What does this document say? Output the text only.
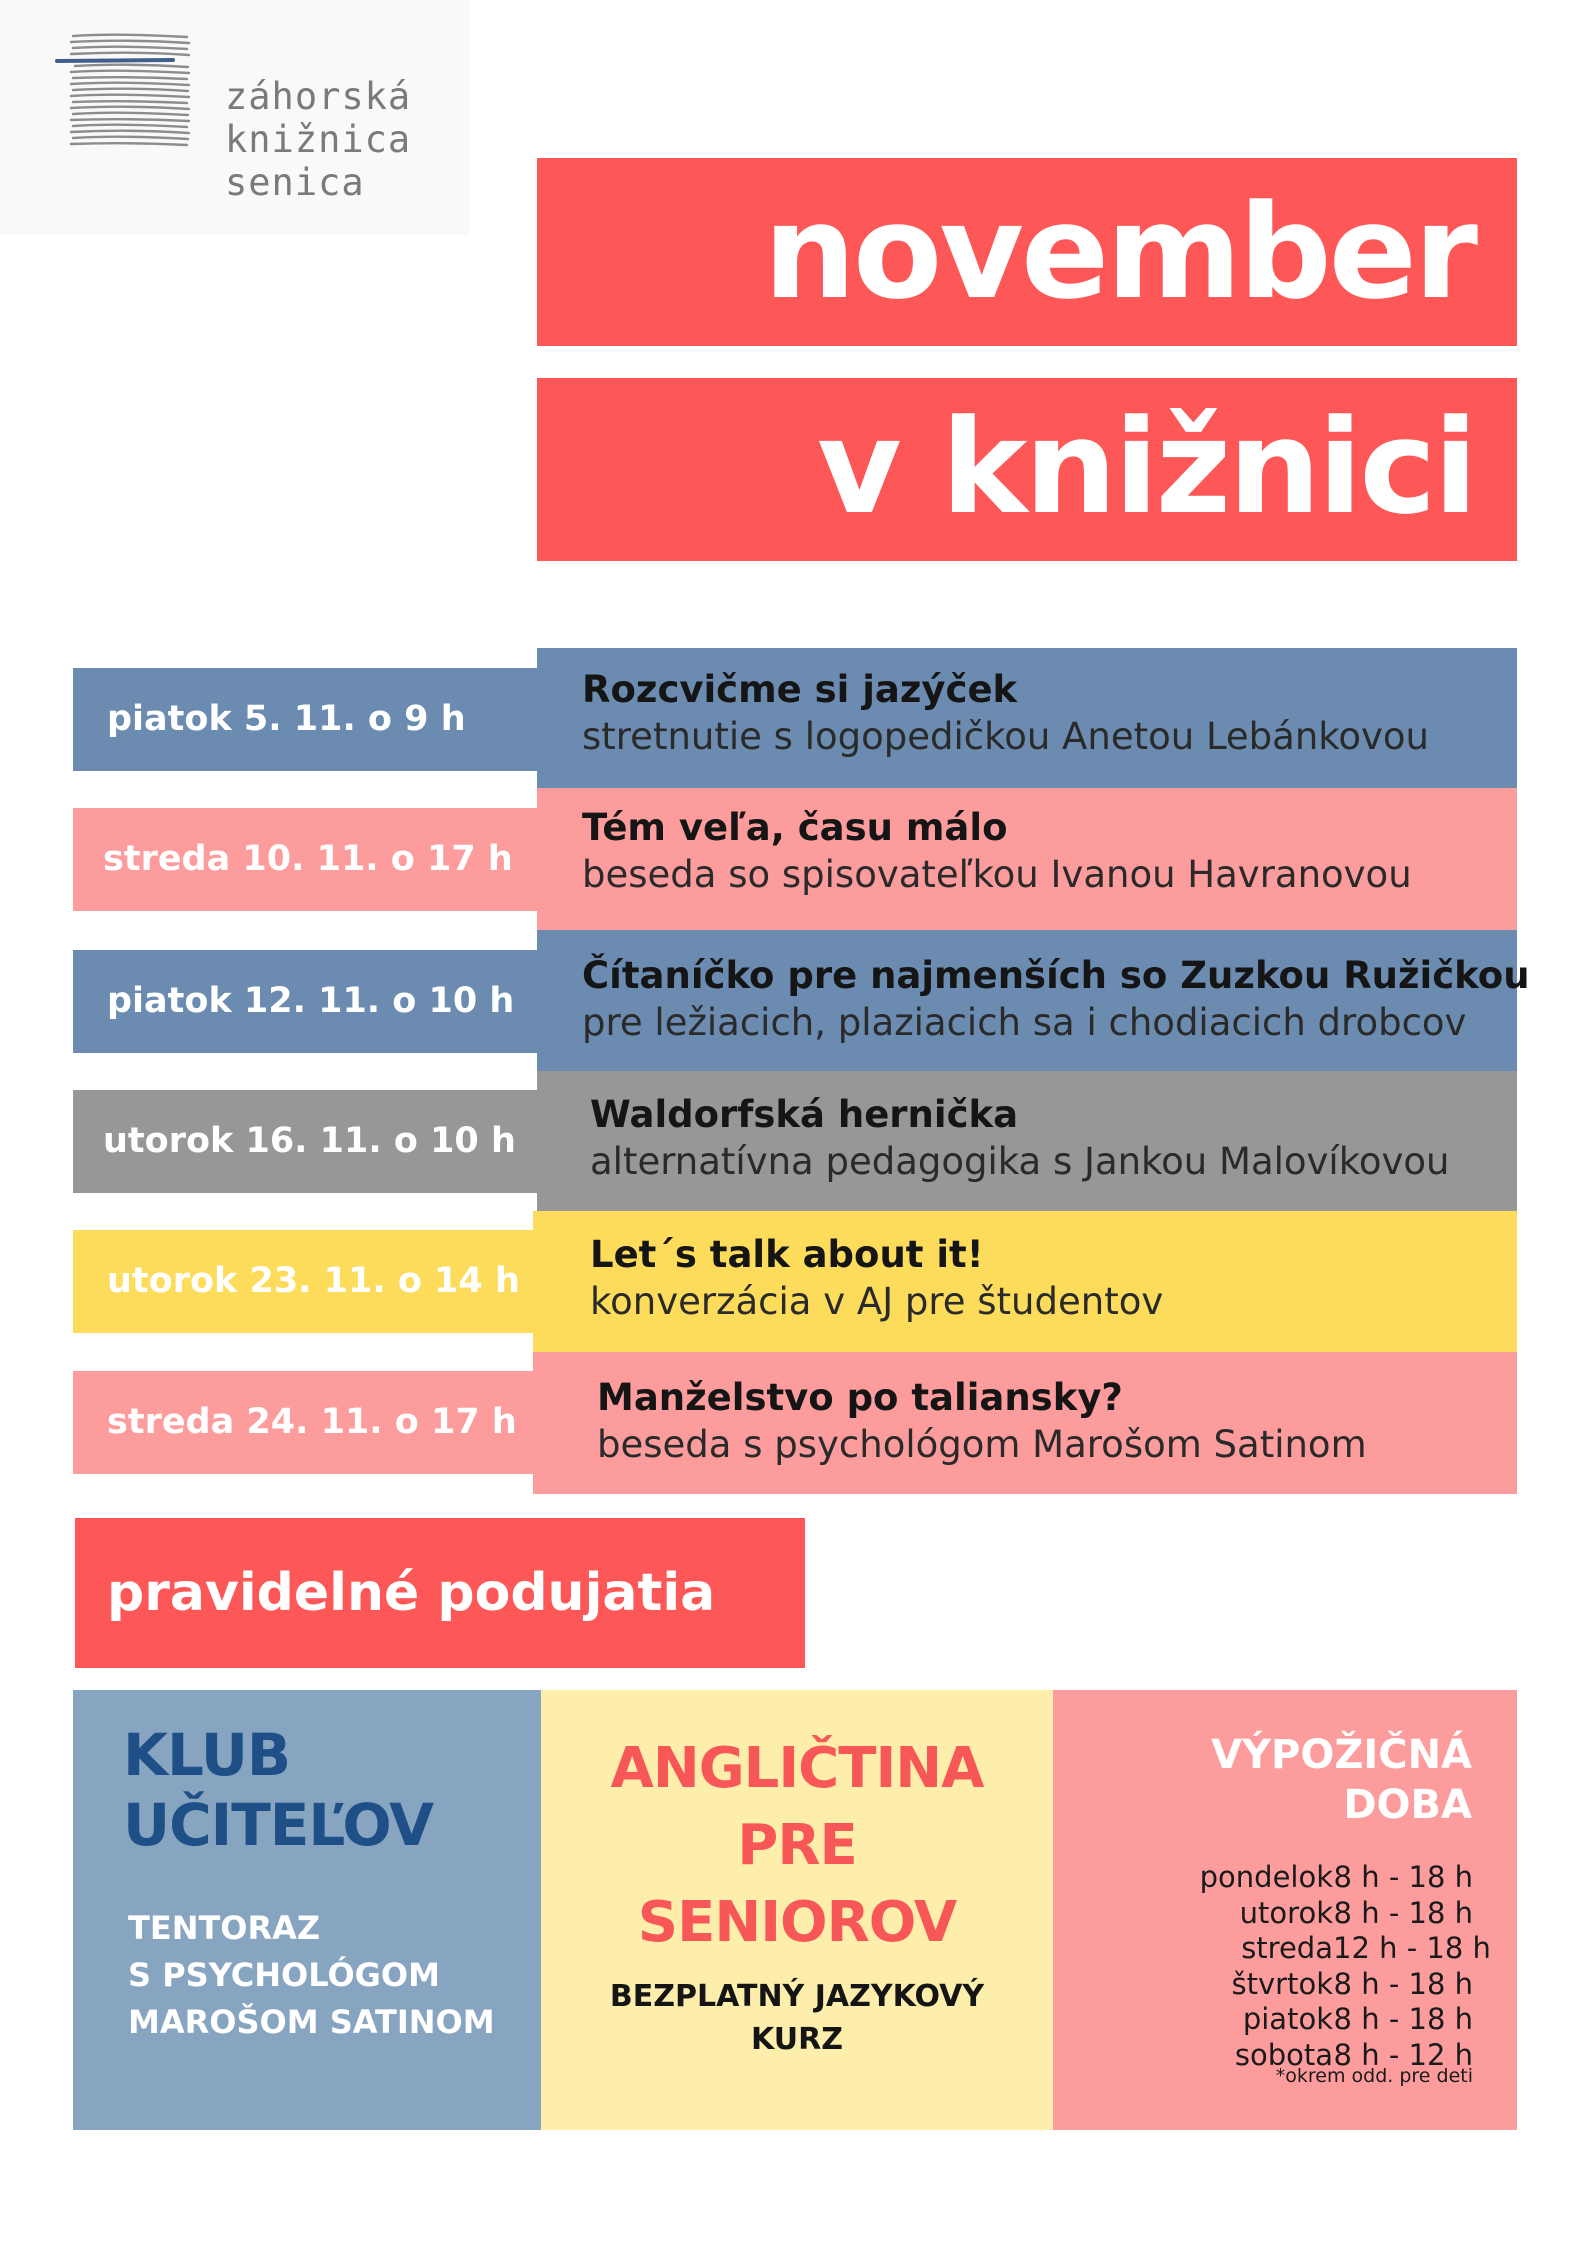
záhorská
knižnica
senica	november
v knižnici
Rozcvičme si jazýček
stretnutie s logopedičkou Anetou Lebánkovou
piatok 5. 11. o 9 h
Tém veľa, času málo
beseda so spisovateľkou Ivanou Havranovou
streda 10. 11. o 17 h
Čítaníčko pre najmenších so Zuzkou Ružičkou
pre ležiacich, plaziacich sa i chodiacich drobcov
piatok 12. 11. o 10 h
Waldorfská hernička
alternatívna pedagogika s Jankou Malovíkovou
utorok 16. 11. o 10 h
Let´s talk about it!
konverzácia v AJ pre študentov
utorok 23. 11. o 14 h
Manželstvo po taliansky?
beseda s psychológom Marošom Satinom
streda 24. 11. o 17 h
pravidelné podujatia
KLUB
UČITEĽOV
TENTORAZ
S PSYCHOLÓGOM
MAROŠOM SATINOM
ANGLIČTINA
PRE
SENIOROV
BEZPLATNÝ JAZYKOVÝ
KURZ
VÝPOŽIČNÁ
DOBA
pondelok 8 h - 18 h
utorok 8 h - 18 h
streda 12 h - 18 h
štvrtok 8 h - 18 h
piatok 8 h - 18 h
sobota 8 h - 12 h
*okrem odd. pre deti
